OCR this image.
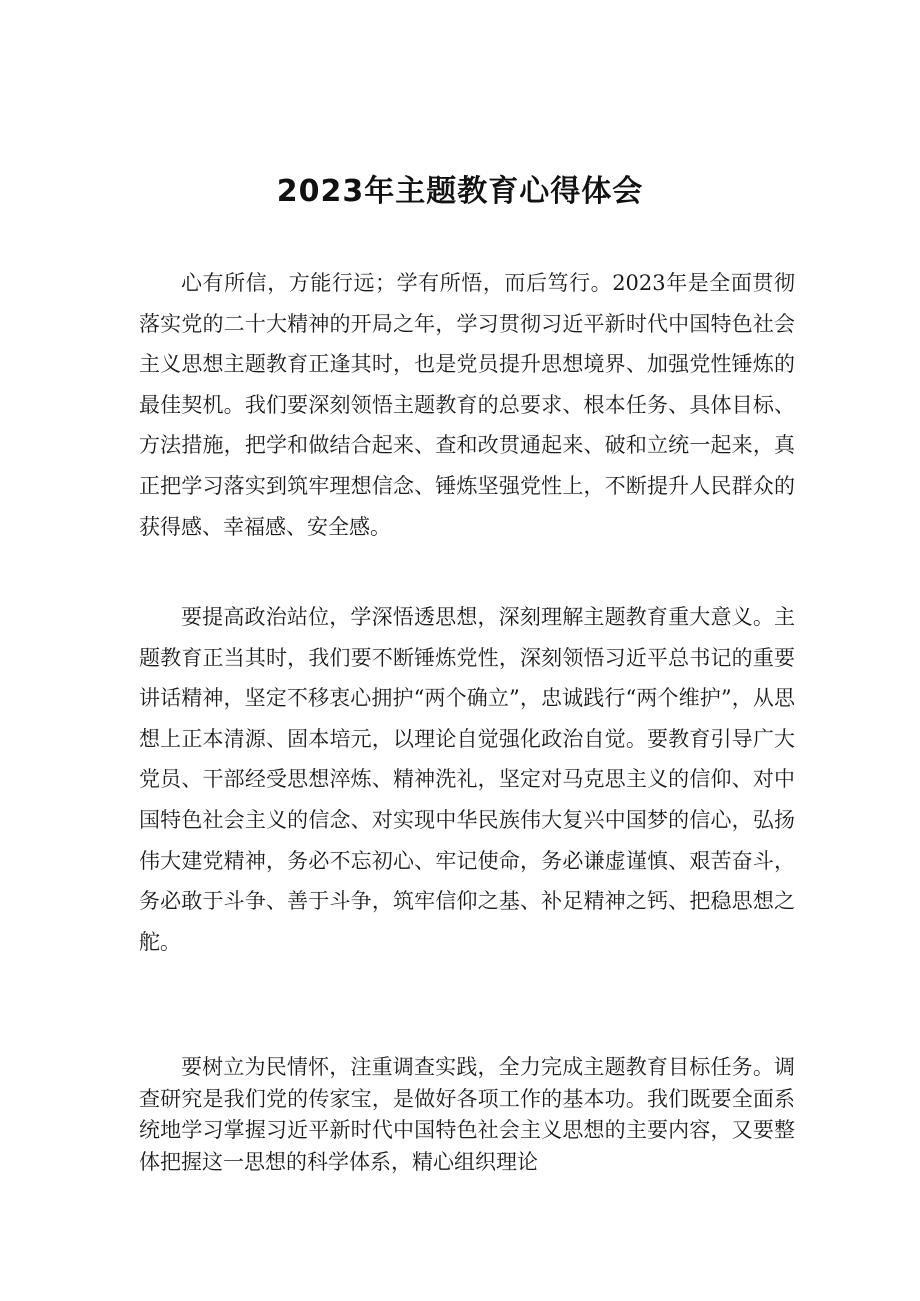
2023年主题教育心得体会

心有所信，方能行远；学有所悟，而后笃行。2023年是全面贯彻落实党的二十大精神的开局之年，学习贯彻习近平新时代中国特色社会主义思想主题教育正逢其时，也是党员提升思想境界、加强党性锤炼的最佳契机。我们要深刻领悟主题教育的总要求、根本任务、具体目标、方法措施，把学和做结合起来、查和改贯通起来、破和立统一起来，真正把学习落实到筑牢理想信念、锤炼坚强党性上，不断提升人民群众的获得感、幸福感、安全感。

要提高政治站位，学深悟透思想，深刻理解主题教育重大意义。主题教育正当其时，我们要不断锤炼党性，深刻领悟习近平总书记的重要讲话精神，坚定不移衷心拥护“两个确立”，忠诚践行“两个维护”，从思想上正本清源、固本培元，以理论自觉强化政治自觉。要教育引导广大党员、干部经受思想淬炼、精神洗礼，坚定对马克思主义的信仰、对中国特色社会主义的信念、对实现中华民族伟大复兴中国梦的信心，弘扬伟大建党精神，务必不忘初心、牢记使命，务必谦虚谨慎、艰苦奋斗，务必敢于斗争、善于斗争，筑牢信仰之基、补足精神之钙、把稳思想之舵。

要树立为民情怀，注重调查实践，全力完成主题教育目标任务。调查研究是我们党的传家宝，是做好各项工作的基本功。我们既要全面系统地学习掌握习近平新时代中国特色社会主义思想的主要内容，又要整体把握这一思想的科学体系，精心组织理论
